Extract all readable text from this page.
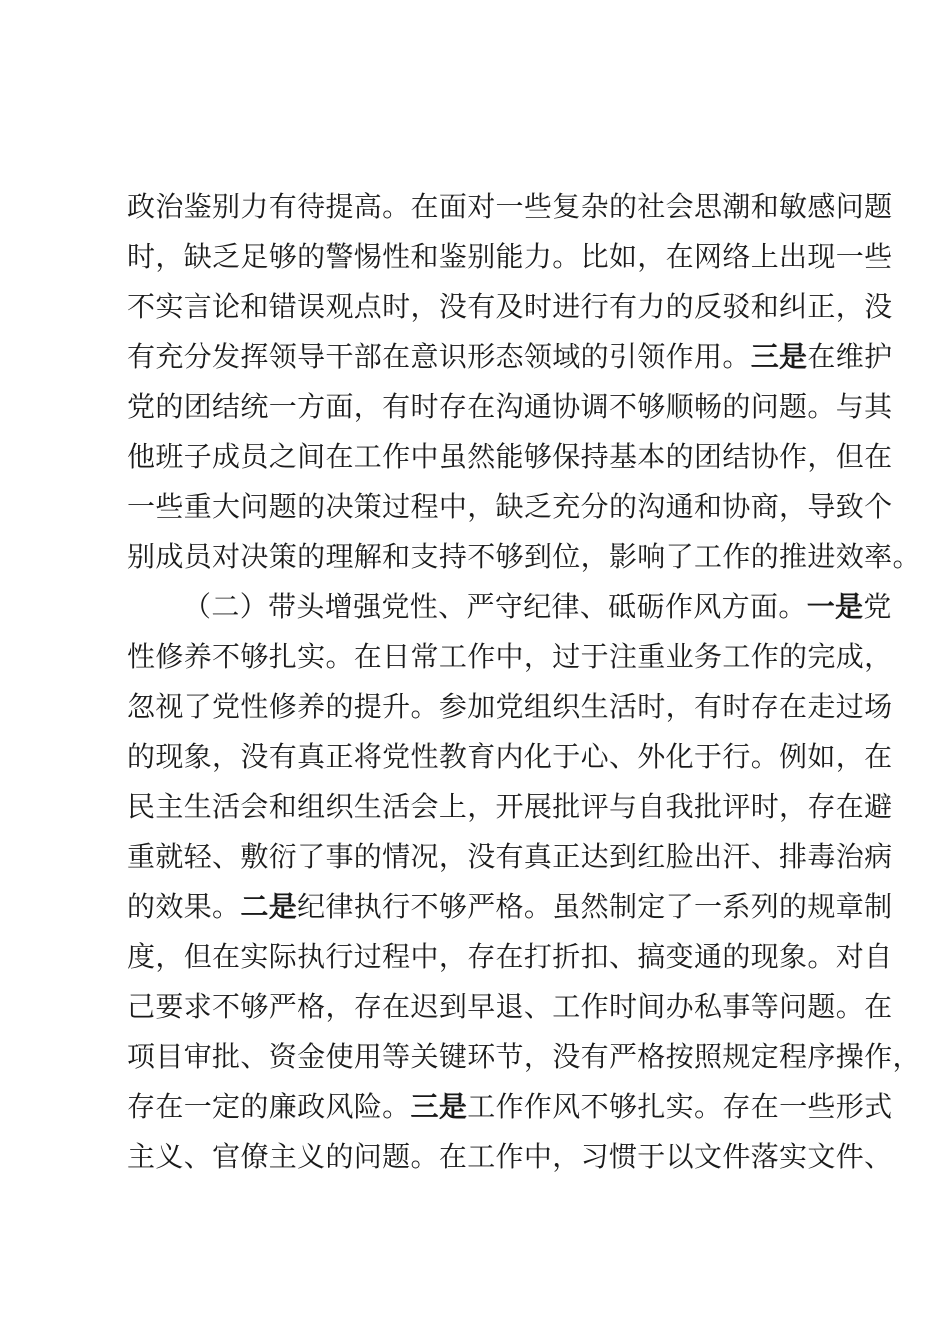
政治鉴别力有待提高。在面对一些复杂的社会思潮和敏感问题
时，缺乏足够的警惕性和鉴别能力。比如，在网络上出现一些
不实言论和错误观点时，没有及时进行有力的反驳和纠正，没
有充分发挥领导干部在意识形态领域的引领作用。三是在维护
党的团结统一方面，有时存在沟通协调不够顺畅的问题。与其
他班子成员之间在工作中虽然能够保持基本的团结协作，但在
一些重大问题的决策过程中，缺乏充分的沟通和协商，导致个
别成员对决策的理解和支持不够到位，影响了工作的推进效率。
（二）带头增强党性、严守纪律、砥砺作风方面。一是党
性修养不够扎实。在日常工作中，过于注重业务工作的完成，
忽视了党性修养的提升。参加党组织生活时，有时存在走过场
的现象，没有真正将党性教育内化于心、外化于行。例如，在
民主生活会和组织生活会上，开展批评与自我批评时，存在避
重就轻、敷衍了事的情况，没有真正达到红脸出汗、排毒治病
的效果。二是纪律执行不够严格。虽然制定了一系列的规章制
度，但在实际执行过程中，存在打折扣、搞变通的现象。对自
己要求不够严格，存在迟到早退、工作时间办私事等问题。在
项目审批、资金使用等关键环节，没有严格按照规定程序操作，
存在一定的廉政风险。三是工作作风不够扎实。存在一些形式
主义、官僚主义的问题。在工作中，习惯于以文件落实文件、
